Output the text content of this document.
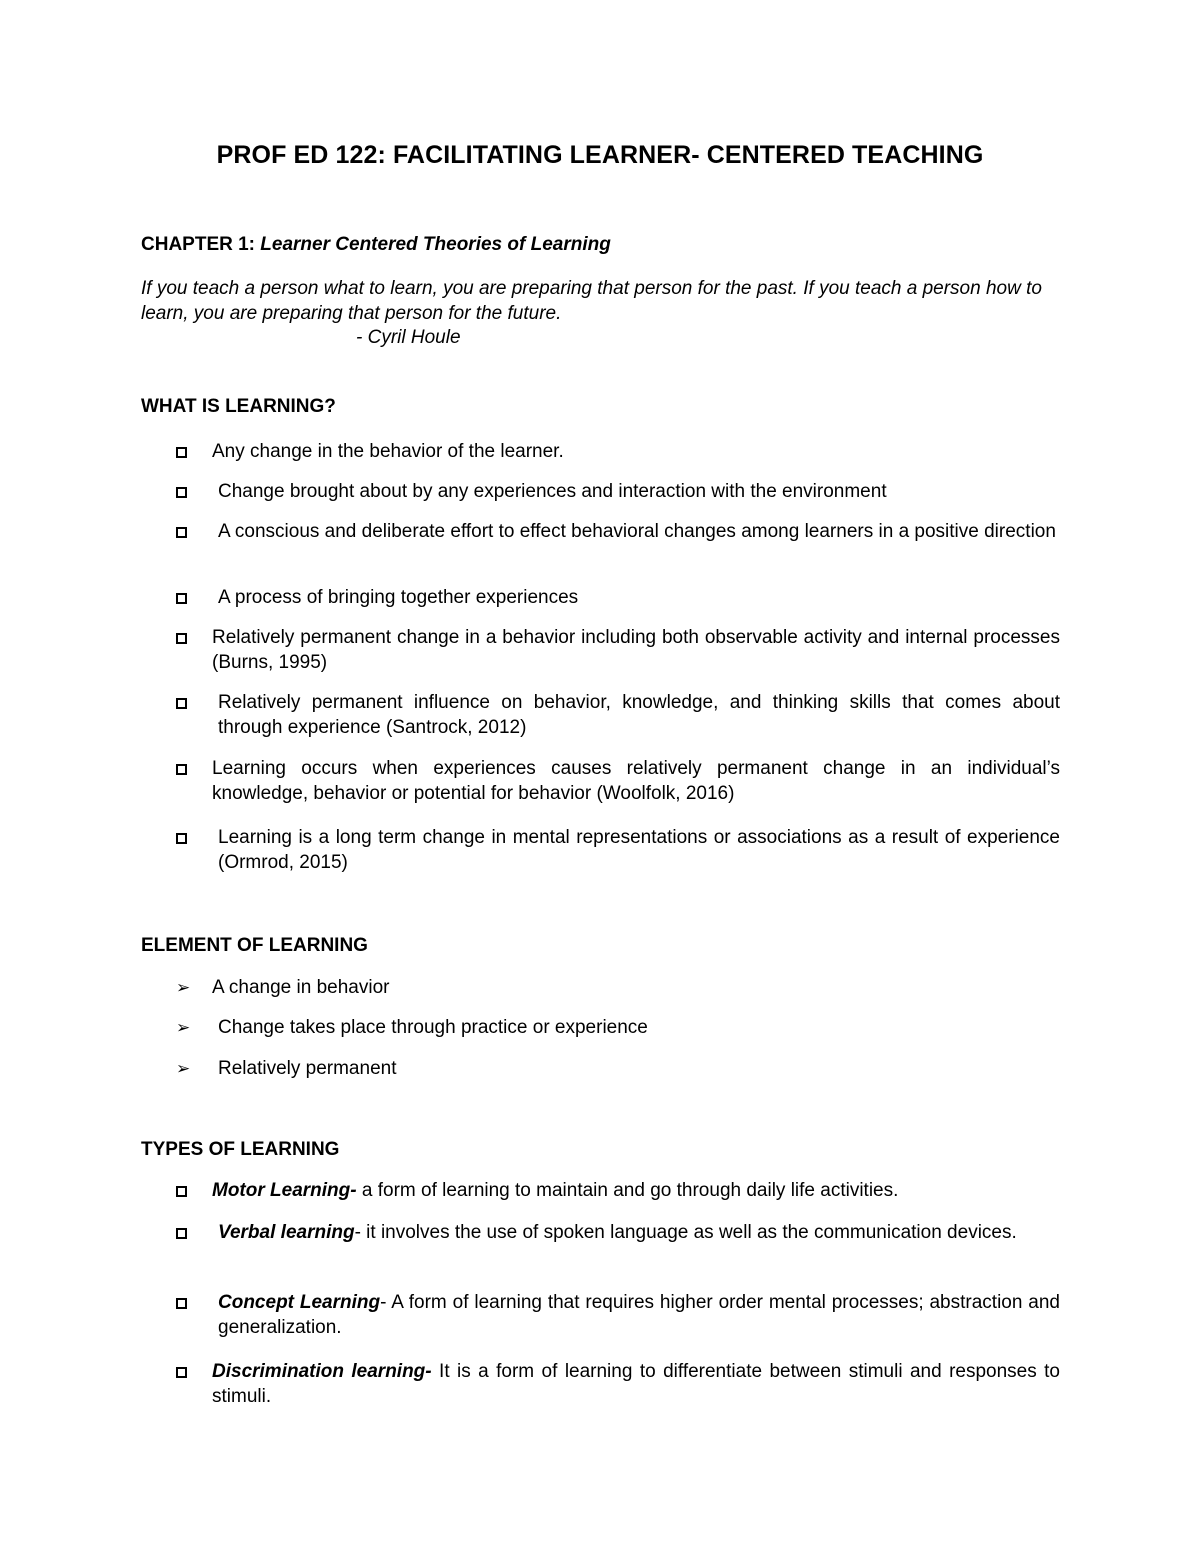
PROF ED 122: FACILITATING LEARNER- CENTERED TEACHING
CHAPTER 1: Learner Centered Theories of Learning
If you teach a person what to learn, you are preparing that person for the past. If you teach a person how to learn, you are preparing that person for the future.
- Cyril Houle
WHAT IS LEARNING?
Any change in the behavior of the learner.
Change brought about by any experiences and interaction with the environment
A conscious and deliberate effort to effect behavioral changes among learners in a positive direction
A process of bringing together experiences
Relatively permanent change in a behavior including both observable activity and internal processes (Burns, 1995)
Relatively permanent influence on behavior, knowledge, and thinking skills that comes about through experience (Santrock, 2012)
Learning occurs when experiences causes relatively permanent change in an individual’s knowledge, behavior or potential for behavior (Woolfolk, 2016)
Learning is a long term change in mental representations or associations as a result of experience (Ormrod, 2015)
ELEMENT OF LEARNING
➢ A change in behavior
➢	Change takes place through practice or experience
➢	Relatively permanent
TYPES OF LEARNING
Motor Learning- a form of learning to maintain and go through daily life activities.
Verbal learning- it involves the use of spoken language as well as the communication devices.
Concept Learning- A form of learning that requires higher order mental processes; abstraction and generalization.
Discrimination learning- It is a form of learning to differentiate between stimuli and responses to stimuli.
